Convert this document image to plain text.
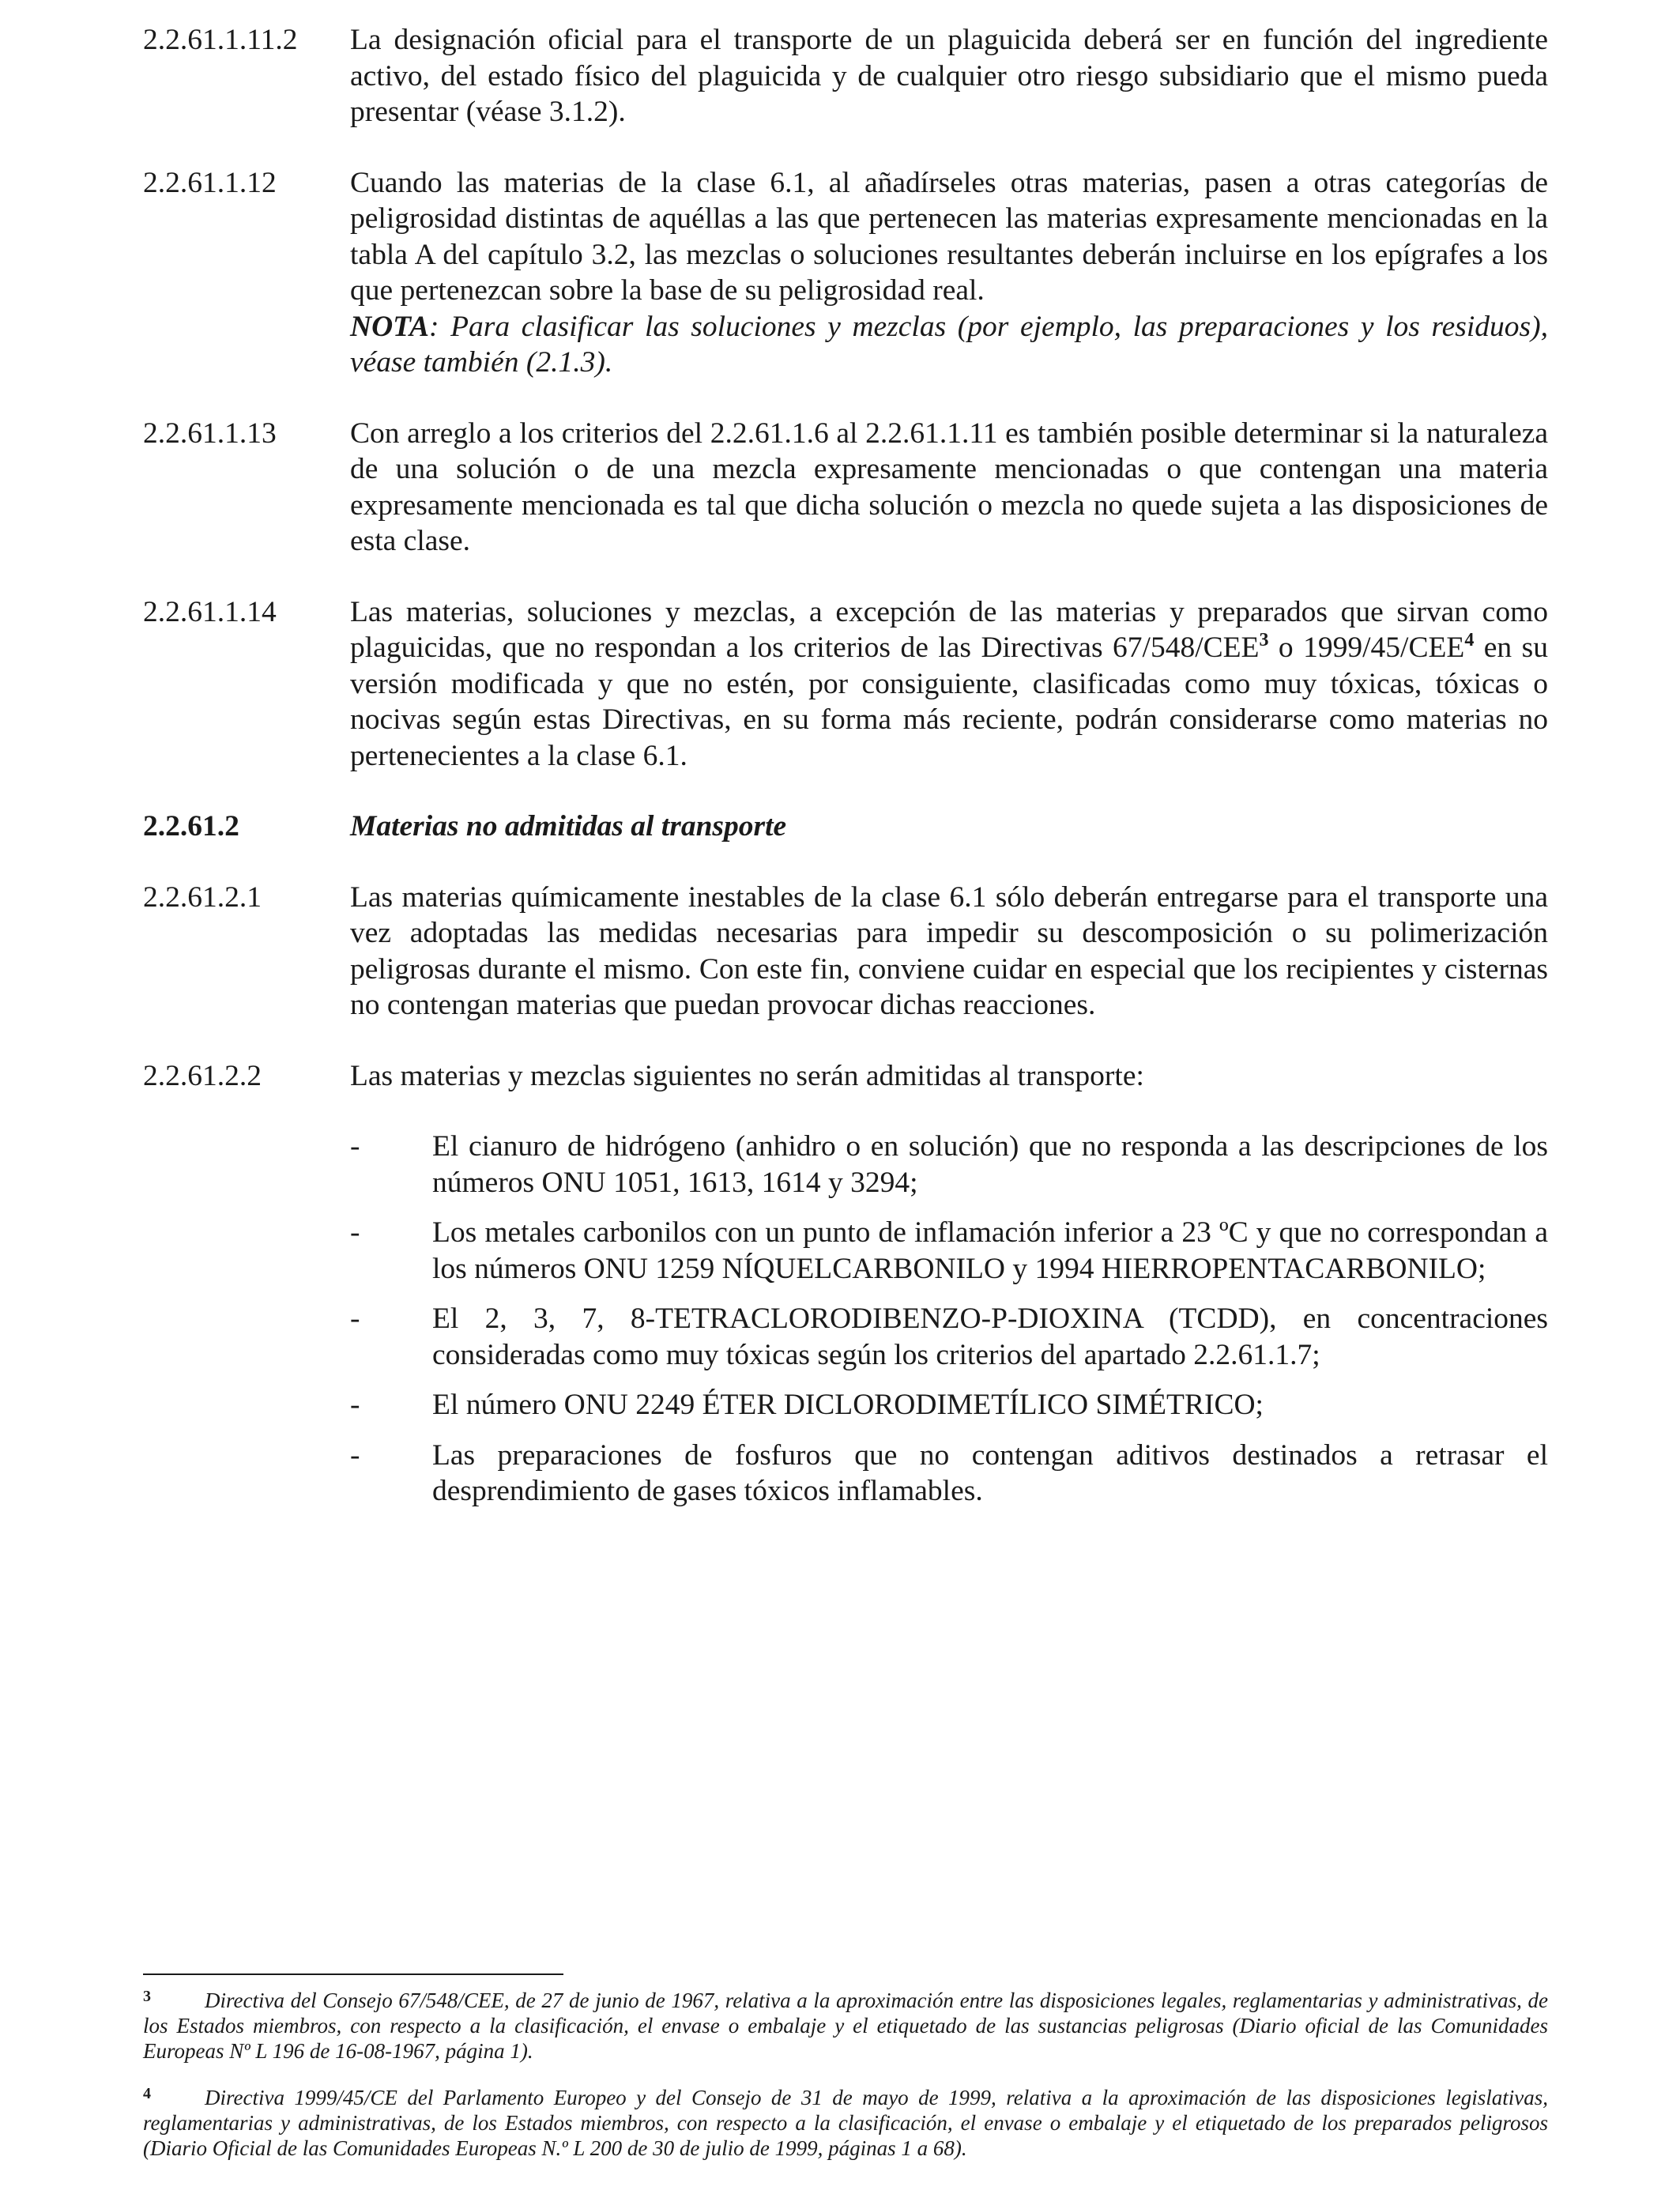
2.2.61.1.11.2	La designación oficial para el transporte de un plaguicida deberá ser en función del ingrediente activo, del estado físico del plaguicida y de cualquier otro riesgo subsidiario que el mismo pueda presentar (véase 3.1.2).
2.2.61.1.12	Cuando las materias de la clase 6.1, al añadírseles otras materias, pasen a otras categorías de peligrosidad distintas de aquéllas a las que pertenecen las materias expresamente mencionadas en la tabla A del capítulo 3.2, las mezclas o soluciones resultantes deberán incluirse en los epígrafes a los que pertenezcan sobre la base de su peligrosidad real.

NOTA: Para clasificar las soluciones y mezclas (por ejemplo, las preparaciones y los residuos), véase también (2.1.3).

2.2.61.1.13	Con arreglo a los criterios del 2.2.61.1.6 al 2.2.61.1.11 es también posible determinar si la naturaleza de una solución o de una mezcla expresamente mencionadas o que contengan una materia expresamente mencionada es tal que dicha solución o mezcla no quede sujeta a las disposiciones de esta clase.
2.2.61.1.14	Las materias, soluciones y mezclas, a excepción de las materias y preparados que sirvan como plaguicidas, que no respondan a los criterios de las Directivas 67/548/CEE$^3$ o 1999/45/CEE$^4$ en su versión modificada y que no estén, por consiguiente, clasificadas como muy tóxicas, tóxicas o nocivas según estas Directivas, en su forma más reciente, podrán considerarse como materias no pertenecientes a la clase 6.1.
2.2.61.2	Materias no admitidas al transporte
2.2.61.2.1	Las materias químicamente inestables de la clase 6.1 sólo deberán entregarse para el transporte una vez adoptadas las medidas necesarias para impedir su descomposición o su polimerización peligrosas durante el mismo. Con este fin, conviene cuidar en especial que los recipientes y cisternas no contengan materias que puedan provocar dichas reacciones.
2.2.61.2.2	Las materias y mezclas siguientes no serán admitidas al transporte:

-	El cianuro de hidrógeno (anhidro o en solución) que no responda a las descripciones de los números ONU 1051, 1613, 1614 y 3294;
-	Los metales carbonilos con un punto de inflamación inferior a 23 ºC y que no correspondan a los números ONU 1259 NÍQUELCARBONILO y 1994 HIERROPENTACARBONILO;
-	El 2, 3, 7, 8-TETRACLORODIBENZO-P-DIOXINA (TCDD), en concentraciones consideradas como muy tóxicas según los criterios del apartado 2.2.61.1.7;
-	El número ONU 2249 ÉTER DICLORODIMETÍLICO SIMÉTRICO;
-	Las preparaciones de fosfuros que no contengan aditivos destinados a retrasar el desprendimiento de gases tóxicos inflamables.
3	Directiva del Consejo 67/548/CEE, de 27 de junio de 1967, relativa a la aproximación entre las disposiciones legales, reglamentarias y administrativas, de los Estados miembros, con respecto a la clasificación, el envase o embalaje y el etiquetado de las sustancias peligrosas (Diario oficial de las Comunidades Europeas Nº L 196 de 16-08-1967, página 1).
4	Directiva 1999/45/CE del Parlamento Europeo y del Consejo de 31 de mayo de 1999, relativa a la aproximación de las disposiciones legislativas, reglamentarias y administrativas, de los Estados miembros, con respecto a la clasificación, el envase o embalaje y el etiquetado de los preparados peligrosos (Diario Oficial de las Comunidades Europeas N.º L 200 de 30 de julio de 1999, páginas 1 a 68).
